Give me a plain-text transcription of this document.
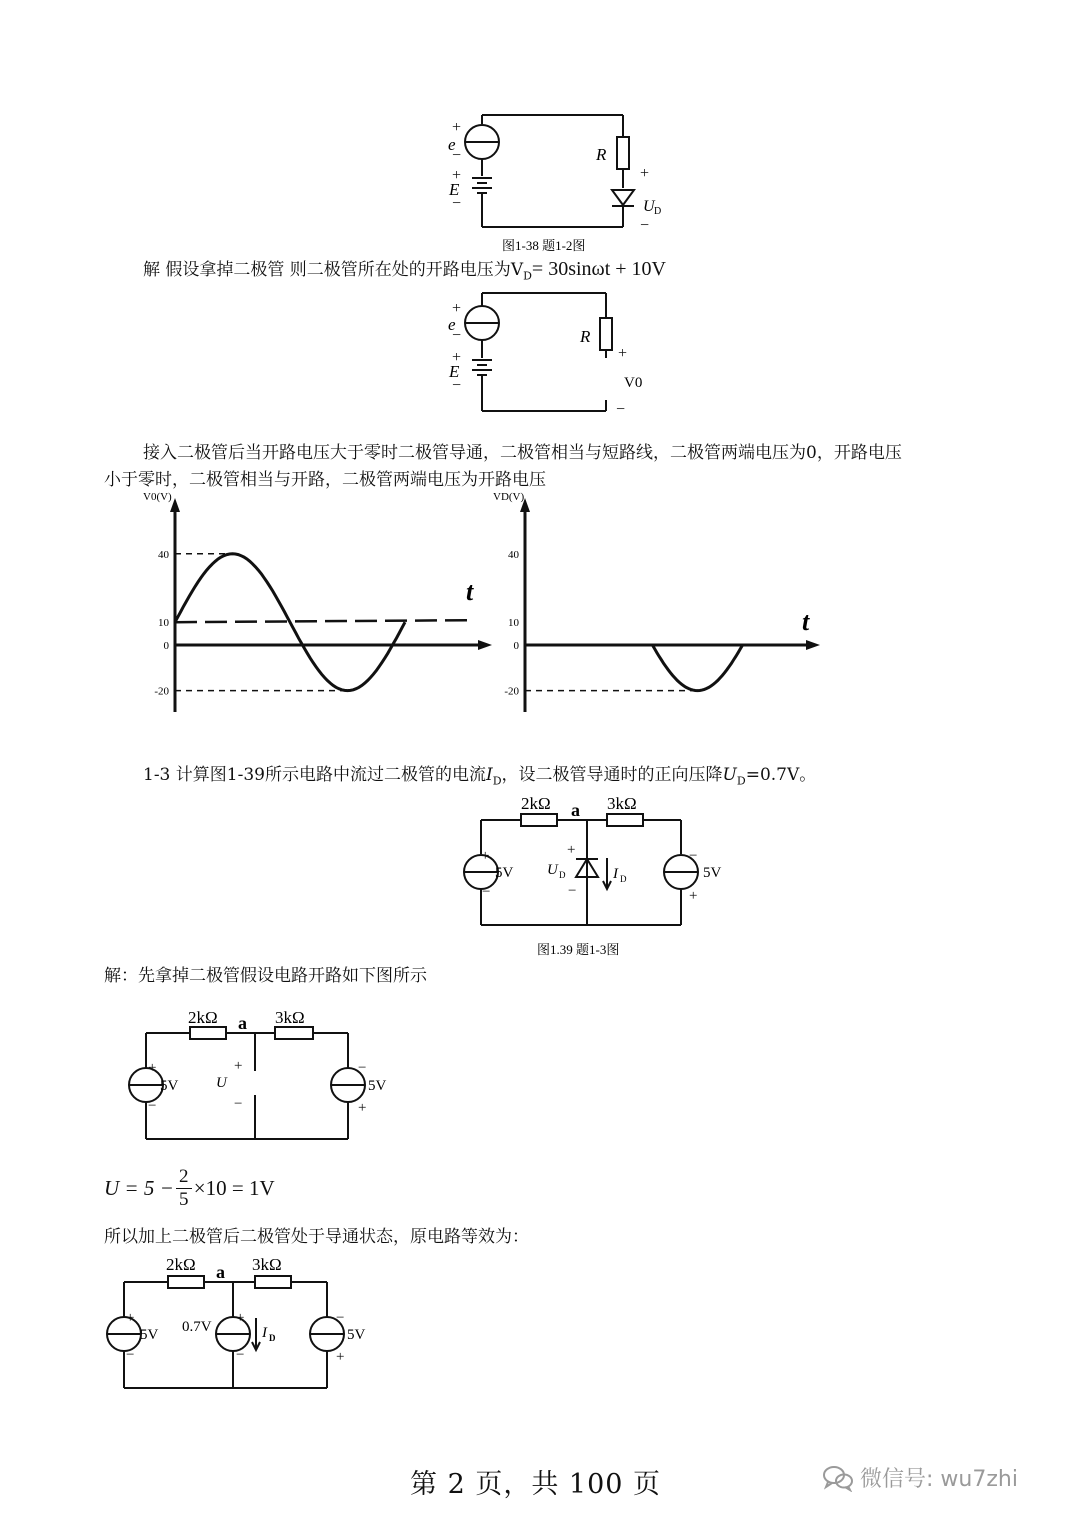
+
−
+
−
+
−
e
E
R
U D
图1-38 题1-2图
解 假设拿掉二极管 则二极管所在处的开路电压为$V_D= 30\sin\omega t + 10V$
+
−
+
−
+
−
e
E
R
V0
接入二极管后当开路电压大于零时二极管导通，二极管相当与短路线，二极管两端电压为0，开路电压
小于零时，二极管相当与开路，二极管两端电压为开路电压
V0(V)
t
40
10
0
-20
VD(V)
t
40
10
0
-20
1-3 计算图1-39所示电路中流过二极管的电流$I_D$，设二极管导通时的正向压降$U_D=0.7V$。
+
−
+
−
−
+
2kΩ a 3kΩ
5V	5V
U D	I D
图1.39 题1-3图
解：先拿掉二极管假设电路开路如下图所示
+
−
+
−
−
+
2kΩ a 3kΩ
5V	5V
U
U = 5 − 2
5 ×10 = 1V
所以加上二极管后二极管处于导通状态，原电路等效为：
+
−
+
−
−
+
2kΩ a 3kΩ
5V 0.7V	5V
I D
第 2 页，共 100 页	微信号: wu7zhi
